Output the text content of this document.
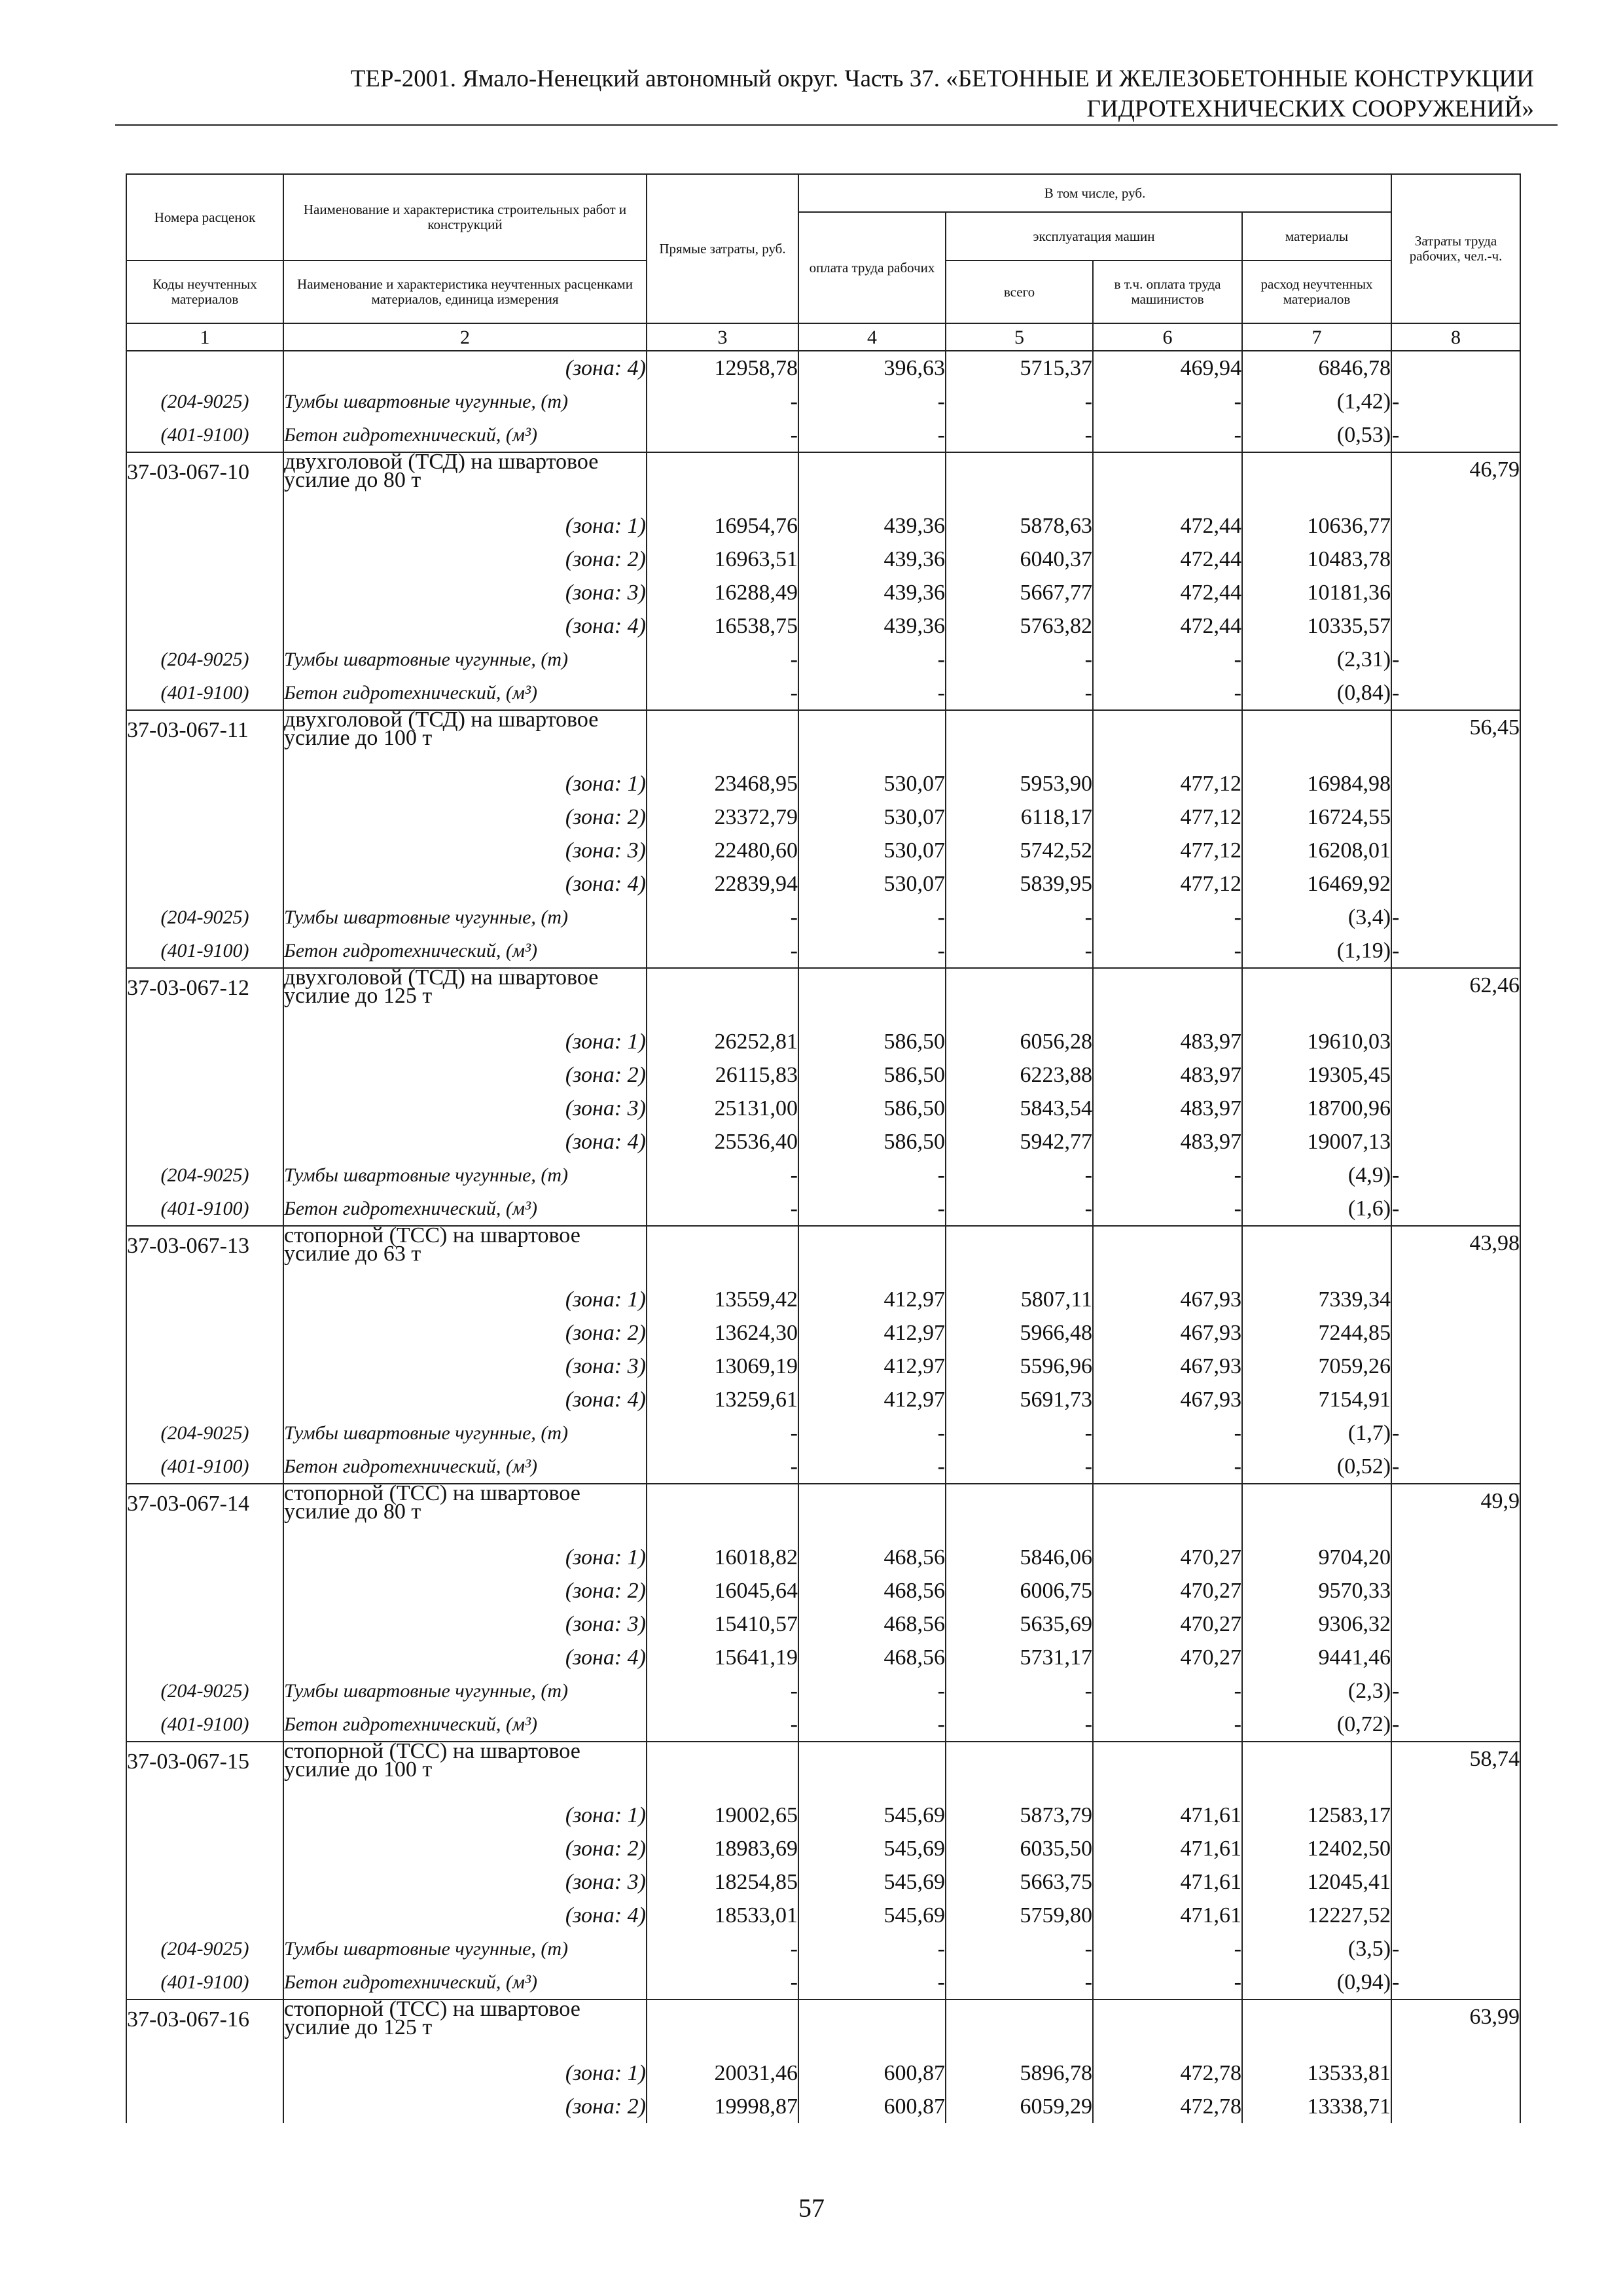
ТЕР-2001. Ямало-Ненецкий автономный округ. Часть 37. «БЕТОННЫЕ И ЖЕЛЕЗОБЕТОННЫЕ КОНСТРУКЦИИ
ГИДРОТЕХНИЧЕСКИХ СООРУЖЕНИЙ»
Номера расценок	Наименование и характеристика строительных работ и конструкций	Прямые затраты, руб.	В том числе, руб.				Затраты труда рабочих, чел.-ч.
			оплата труда рабочих	эксплуатация машин		материалы	
Коды неучтенных материалов	Наименование и характеристика неучтенных расценками материалов, единица измерения			всего	в т.ч. оплата труда машинистов	расход неучтенных материалов	
1	2	3	4	5	6	7	8
	(зона: 4)	12958,78	396,63	5715,37	469,94	6846,78	
(204-9025)	Тумбы швартовные чугунные, (т)	-	-	-	-	(1,42)	-
(401-9100)	Бетон гидротехнический, (м³)	-	-	-	-	(0,53)	-
37-03-067-10	двухголовой (ТСД) на швартовое усилие до 80 т						46,79
	(зона: 1)	16954,76	439,36	5878,63	472,44	10636,77	
	(зона: 2)	16963,51	439,36	6040,37	472,44	10483,78	
	(зона: 3)	16288,49	439,36	5667,77	472,44	10181,36	
	(зона: 4)	16538,75	439,36	5763,82	472,44	10335,57	
(204-9025)	Тумбы швартовные чугунные, (т)	-	-	-	-	(2,31)	-
(401-9100)	Бетон гидротехнический, (м³)	-	-	-	-	(0,84)	-
37-03-067-11	двухголовой (ТСД) на швартовое усилие до 100 т						56,45
	(зона: 1)	23468,95	530,07	5953,90	477,12	16984,98	
	(зона: 2)	23372,79	530,07	6118,17	477,12	16724,55	
	(зона: 3)	22480,60	530,07	5742,52	477,12	16208,01	
	(зона: 4)	22839,94	530,07	5839,95	477,12	16469,92	
(204-9025)	Тумбы швартовные чугунные, (т)	-	-	-	-	(3,4)	-
(401-9100)	Бетон гидротехнический, (м³)	-	-	-	-	(1,19)	-
37-03-067-12	двухголовой (ТСД) на швартовое усилие до 125 т						62,46
	(зона: 1)	26252,81	586,50	6056,28	483,97	19610,03	
	(зона: 2)	26115,83	586,50	6223,88	483,97	19305,45	
	(зона: 3)	25131,00	586,50	5843,54	483,97	18700,96	
	(зона: 4)	25536,40	586,50	5942,77	483,97	19007,13	
(204-9025)	Тумбы швартовные чугунные, (т)	-	-	-	-	(4,9)	-
(401-9100)	Бетон гидротехнический, (м³)	-	-	-	-	(1,6)	-
37-03-067-13	стопорной (ТСС) на швартовое усилие до 63 т						43,98
	(зона: 1)	13559,42	412,97	5807,11	467,93	7339,34	
	(зона: 2)	13624,30	412,97	5966,48	467,93	7244,85	
	(зона: 3)	13069,19	412,97	5596,96	467,93	7059,26	
	(зона: 4)	13259,61	412,97	5691,73	467,93	7154,91	
(204-9025)	Тумбы швартовные чугунные, (т)	-	-	-	-	(1,7)	-
(401-9100)	Бетон гидротехнический, (м³)	-	-	-	-	(0,52)	-
37-03-067-14	стопорной (ТСС) на швартовое усилие до 80 т						49,9
	(зона: 1)	16018,82	468,56	5846,06	470,27	9704,20	
	(зона: 2)	16045,64	468,56	6006,75	470,27	9570,33	
	(зона: 3)	15410,57	468,56	5635,69	470,27	9306,32	
	(зона: 4)	15641,19	468,56	5731,17	470,27	9441,46	
(204-9025)	Тумбы швартовные чугунные, (т)	-	-	-	-	(2,3)	-
(401-9100)	Бетон гидротехнический, (м³)	-	-	-	-	(0,72)	-
37-03-067-15	стопорной (ТСС) на швартовое усилие до 100 т						58,74
	(зона: 1)	19002,65	545,69	5873,79	471,61	12583,17	
	(зона: 2)	18983,69	545,69	6035,50	471,61	12402,50	
	(зона: 3)	18254,85	545,69	5663,75	471,61	12045,41	
	(зона: 4)	18533,01	545,69	5759,80	471,61	12227,52	
(204-9025)	Тумбы швартовные чугунные, (т)	-	-	-	-	(3,5)	-
(401-9100)	Бетон гидротехнический, (м³)	-	-	-	-	(0,94)	-
37-03-067-16	стопорной (ТСС) на швартовое усилие до 125 т						63,99
	(зона: 1)	20031,46	600,87	5896,78	472,78	13533,81	
	(зона: 2)	19998,87	600,87	6059,29	472,78	13338,71	
57
